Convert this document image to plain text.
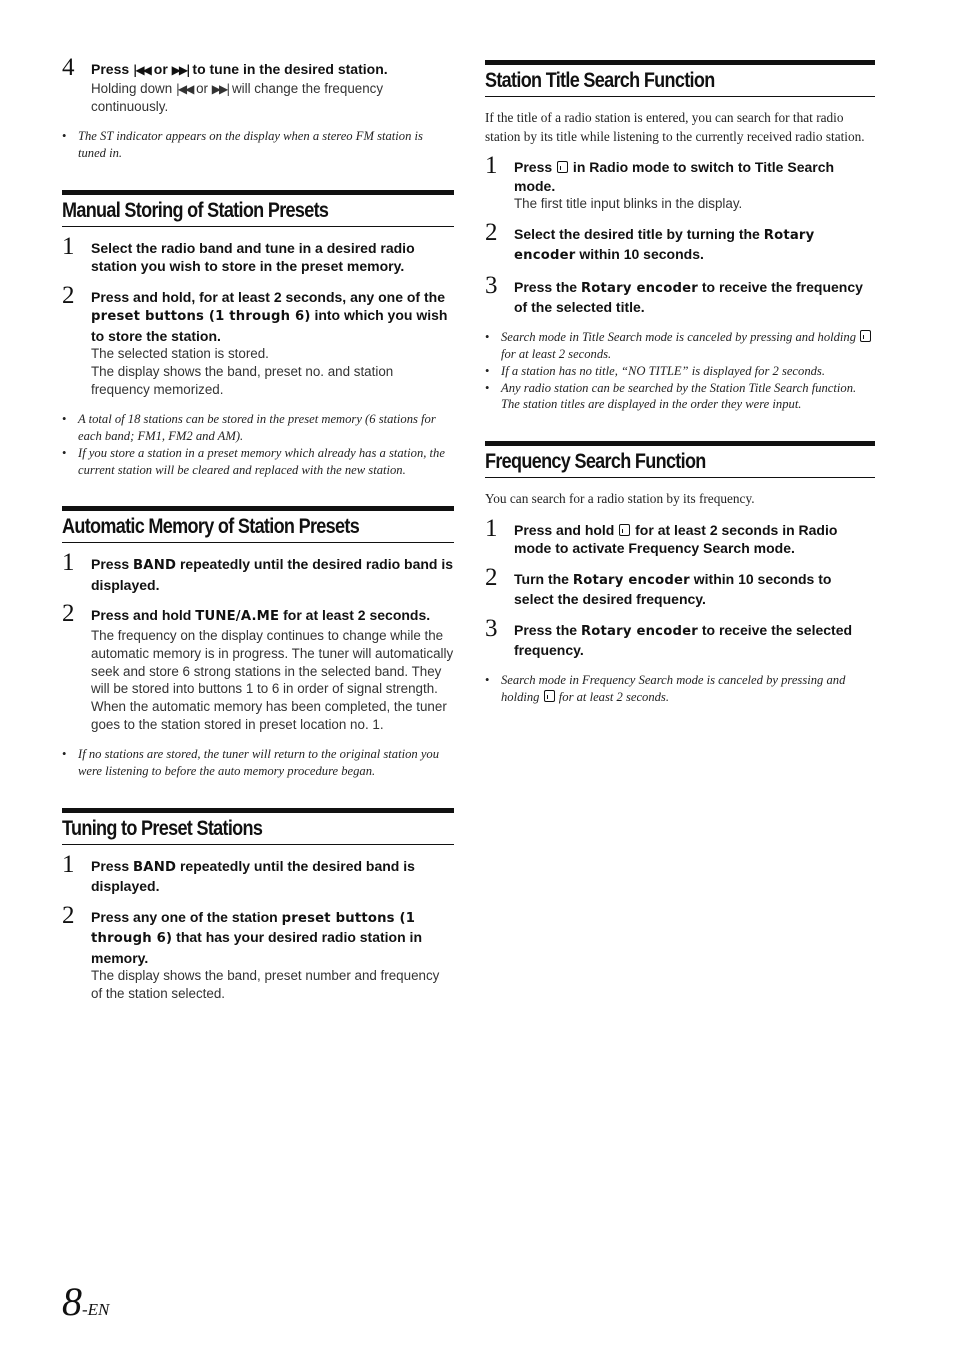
4 Press |◀◀ or ▶▶| to tune in the desired station.
Holding down |◀◀ or ▶▶| will change the frequency continuously.
• The ST indicator appears on the display when a stereo FM station is tuned in.
Manual Storing of Station Presets
1 Select the radio band and tune in a desired radio station you wish to store in the preset memory.
2 Press and hold, for at least 2 seconds, any one of the preset buttons (1 through 6) into which you wish to store the station.
The selected station is stored.
The display shows the band, preset no. and station frequency memorized.
• A total of 18 stations can be stored in the preset memory (6 stations for each band; FM1, FM2 and AM).
• If you store a station in a preset memory which already has a station, the current station will be cleared and replaced with the new station.
Automatic Memory of Station Presets
1 Press BAND repeatedly until the desired radio band is displayed.
2 Press and hold TUNE/A.ME for at least 2 seconds.
The frequency on the display continues to change while the automatic memory is in progress. The tuner will automatically seek and store 6 strong stations in the selected band. They will be stored into buttons 1 to 6 in order of signal strength.
When the automatic memory has been completed, the tuner goes to the station stored in preset location no. 1.
• If no stations are stored, the tuner will return to the original station you were listening to before the auto memory procedure began.
Tuning to Preset Stations
1 Press BAND repeatedly until the desired band is displayed.
2 Press any one of the station preset buttons (1 through 6) that has your desired radio station in memory.
The display shows the band, preset number and frequency of the station selected.
Station Title Search Function

If the title of a radio station is entered, you can search for that radio station by its title while listening to the currently received radio station.

1 Press  in Radio mode to switch to Title Search mode.
The first title input blinks in the display.
2 Select the desired title by turning the Rotary encoder within 10 seconds.
3 Press the Rotary encoder to receive the frequency of the selected title.
• Search mode in Title Search mode is canceled by pressing and holding  for at least 2 seconds.
• If a station has no title, “NO TITLE” is displayed for 2 seconds.
• Any radio station can be searched by the Station Title Search function. The station titles are displayed in the order they were input.
Frequency Search Function

You can search for a radio station by its frequency.

1 Press and hold  for at least 2 seconds in Radio mode to activate Frequency Search mode.
2 Turn the Rotary encoder within 10 seconds to select the desired frequency.
3 Press the Rotary encoder to receive the selected frequency.
• Search mode in Frequency Search mode is canceled by pressing and holding  for at least 2 seconds.
8-EN
